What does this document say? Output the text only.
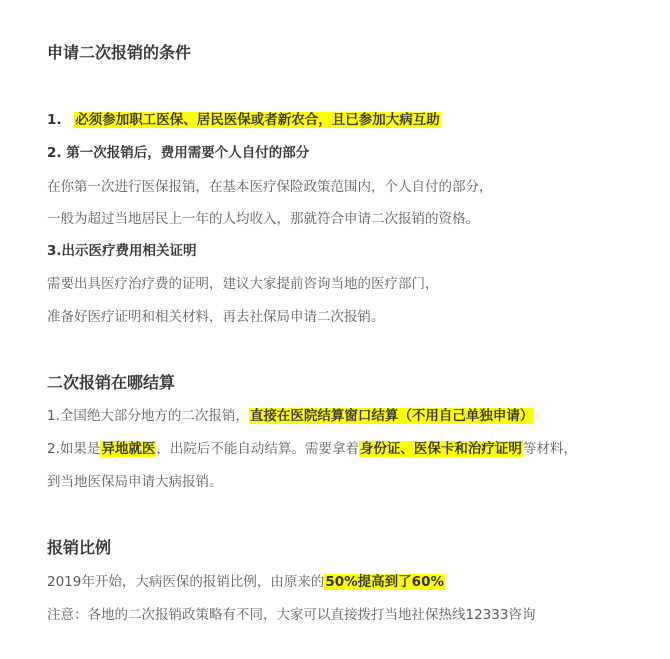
申请二次报销的条件
1. 必须参加职工医保、居民医保或者新农合，且已参加大病互助
2. 第一次报销后，费用需要个人自付的部分
在你第一次进行医保报销，在基本医疗保险政策范围内，个人自付的部分，
一般为超过当地居民上一年的人均收入，那就符合申请二次报销的资格。
3.出示医疗费用相关证明
需要出具医疗治疗费的证明，建议大家提前咨询当地的医疗部门，
准备好医疗证明和相关材料，再去社保局申请二次报销。
二次报销在哪结算
1.全国绝大部分地方的二次报销，直接在医院结算窗口结算（不用自己单独申请）
2.如果是异地就医，出院后不能自动结算。需要拿着身份证、医保卡和治疗证明等材料，
到当地医保局申请大病报销。
报销比例
2019年开始，大病医保的报销比例，由原来的50%提高到了60%
注意：各地的二次报销政策略有不同，大家可以直接拨打当地社保热线12333咨询
